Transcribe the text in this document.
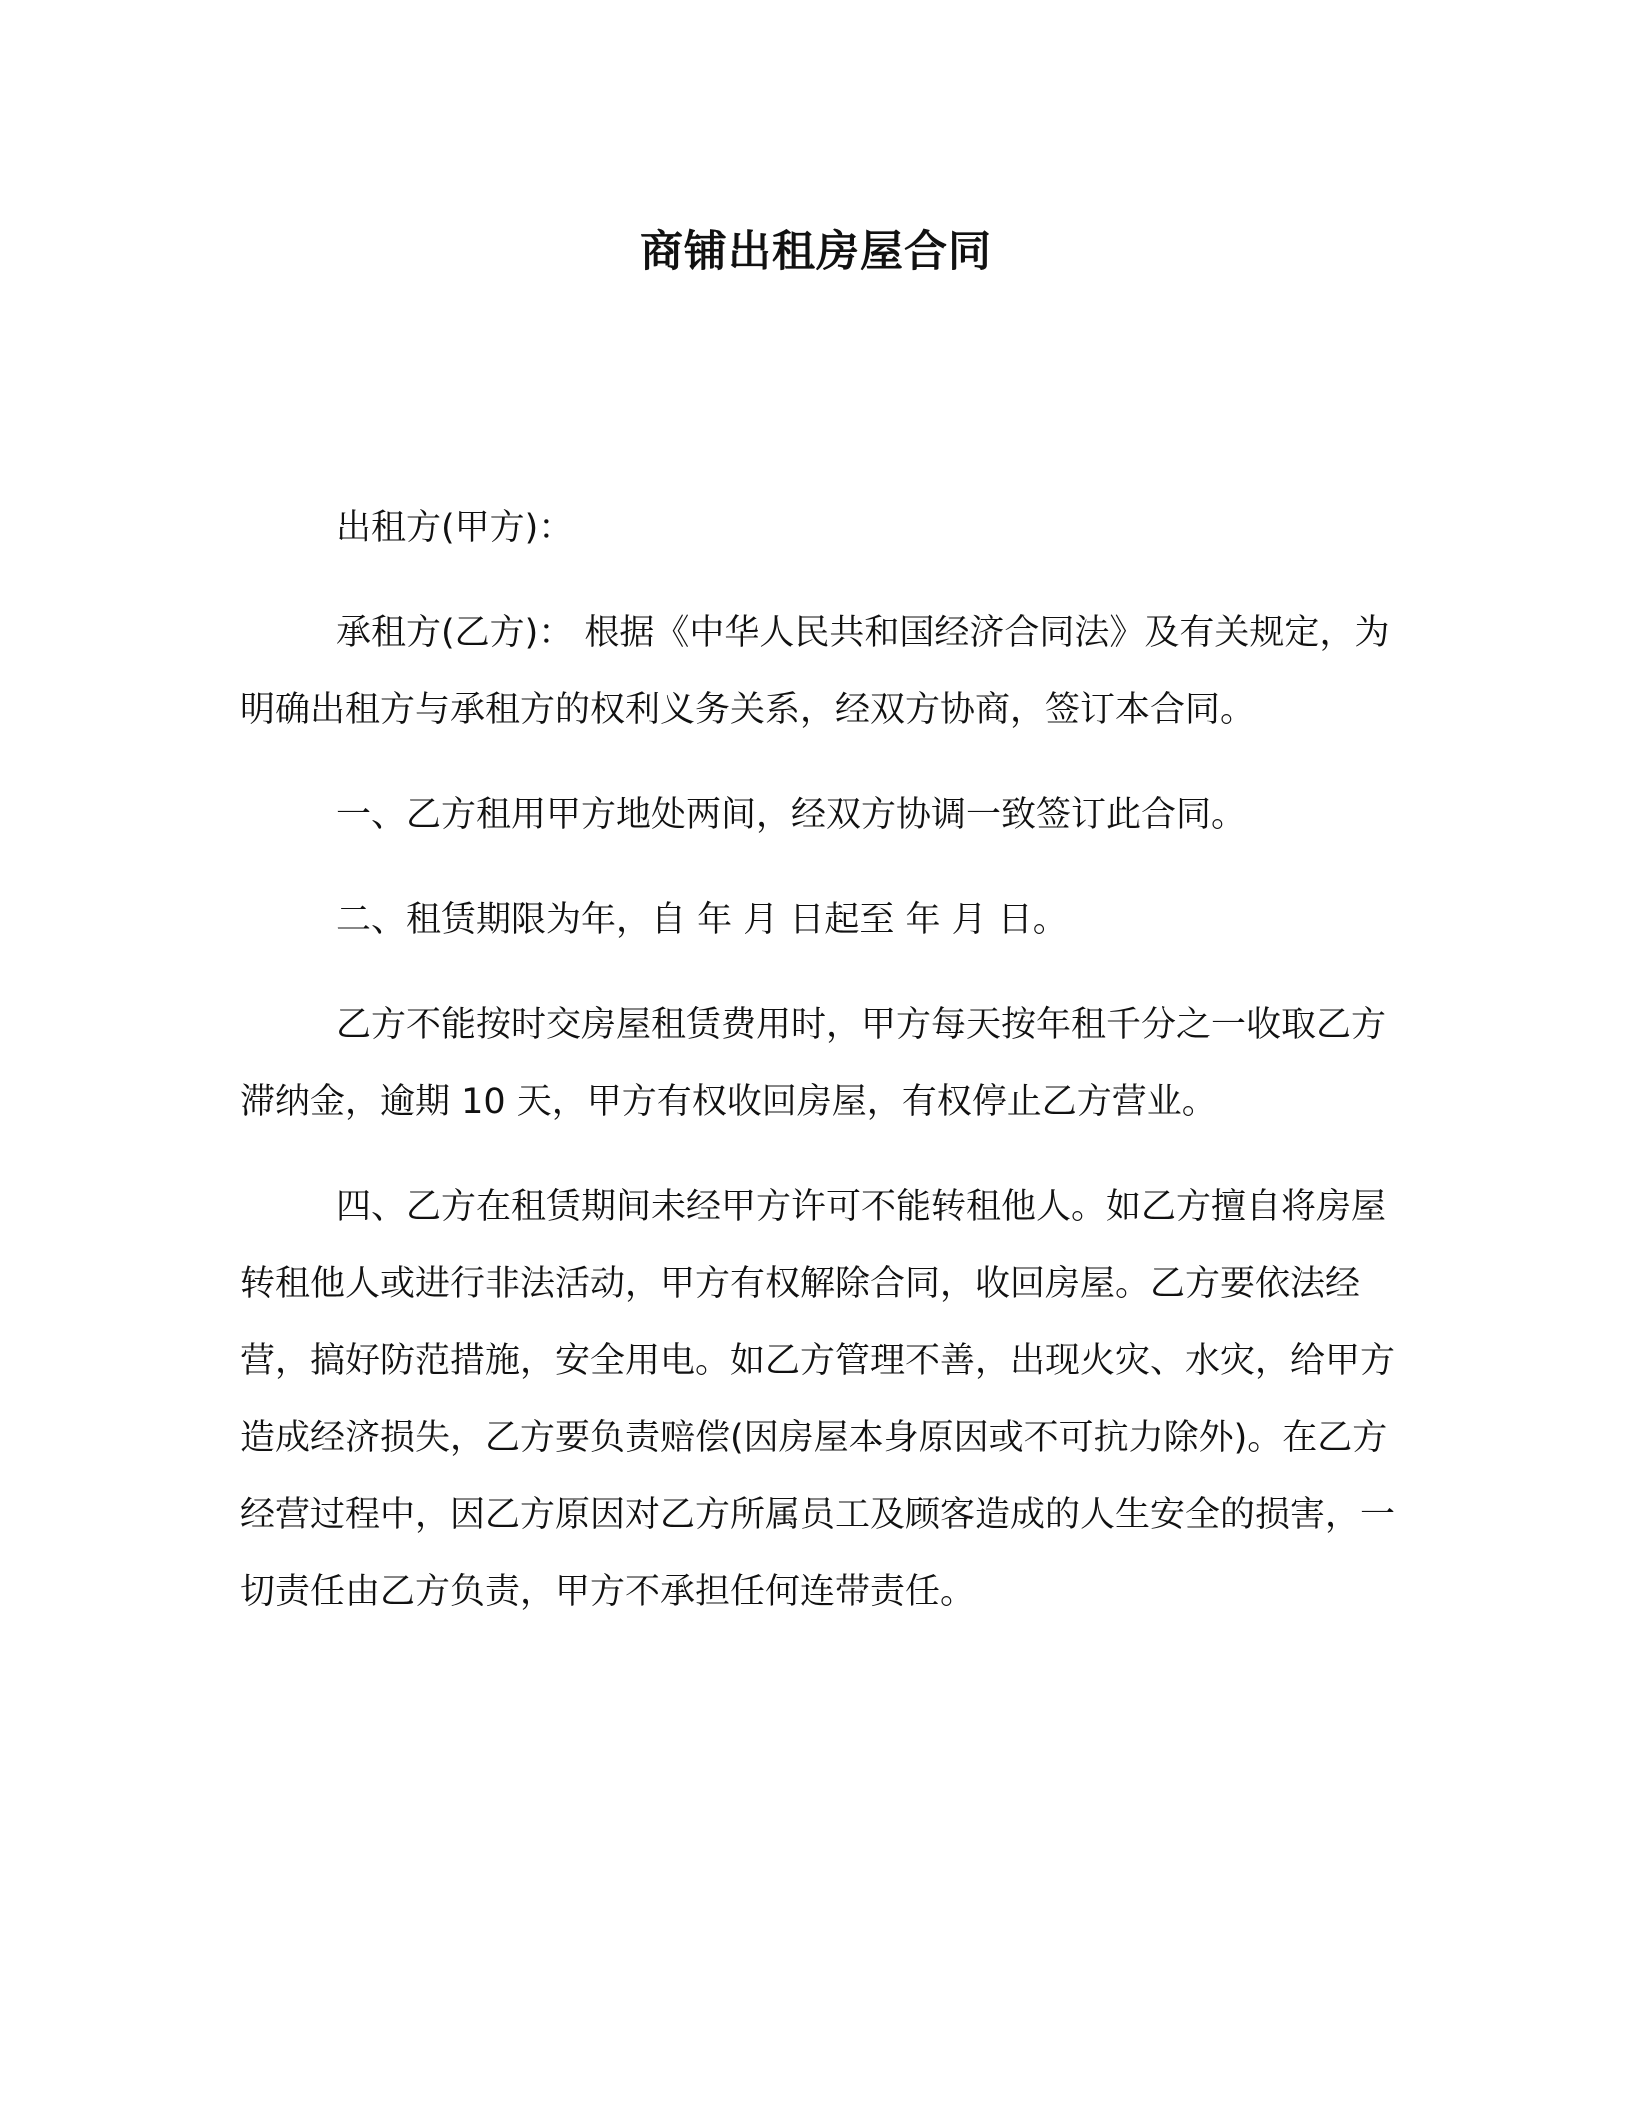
商铺出租房屋合同

出租方(甲方)：

承租方(乙方)： 根据《中华人民共和国经济合同法》及有关规定，为明确出租方与承租方的权利义务关系，经双方协商，签订本合同。

一、乙方租用甲方地处两间，经双方协调一致签订此合同。

二、租赁期限为年，自 年 月 日起至 年 月 日。

乙方不能按时交房屋租赁费用时，甲方每天按年租千分之一收取乙方滞纳金，逾期 10 天，甲方有权收回房屋，有权停止乙方营业。

四、乙方在租赁期间未经甲方许可不能转租他人。如乙方擅自将房屋转租他人或进行非法活动，甲方有权解除合同，收回房屋。乙方要依法经营，搞好防范措施，安全用电。如乙方管理不善，出现火灾、水灾，给甲方造成经济损失，乙方要负责赔偿(因房屋本身原因或不可抗力除外)。在乙方经营过程中，因乙方原因对乙方所属员工及顾客造成的人生安全的损害，一切责任由乙方负责，甲方不承担任何连带责任。
